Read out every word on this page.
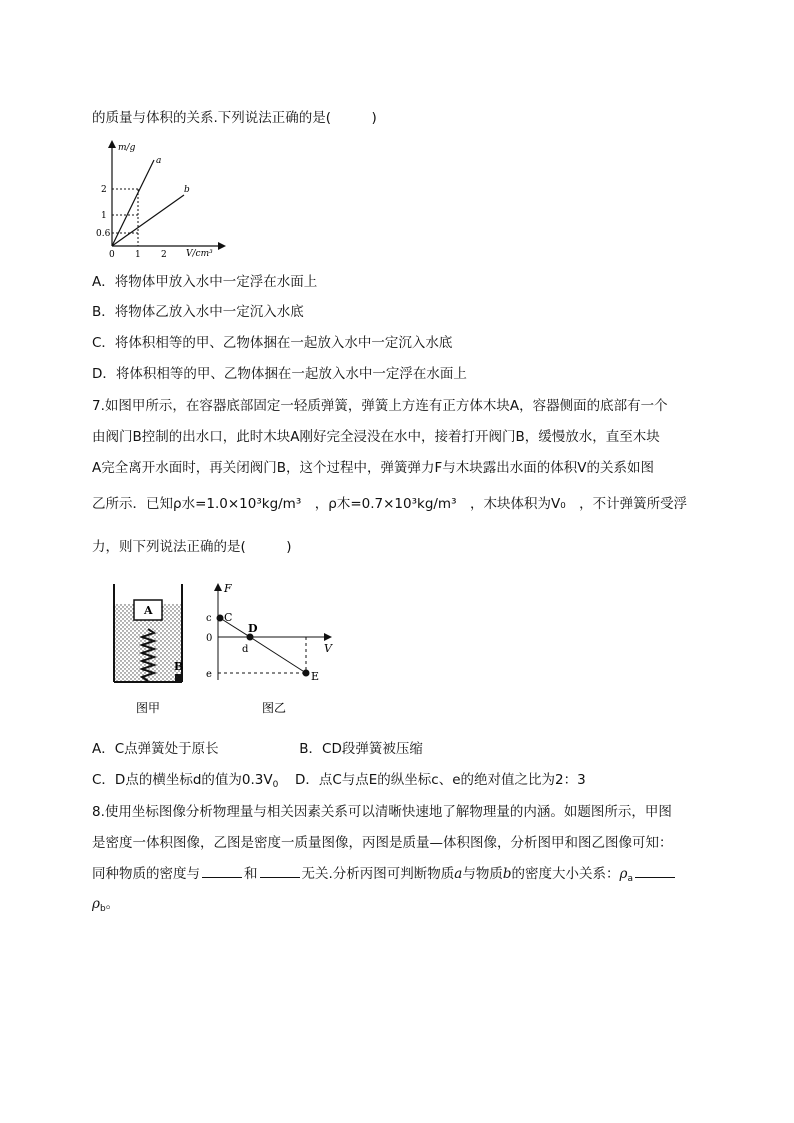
的质量与体积的关系.下列说法正确的是(　　　)
m/g
V/cm³
a
b
2
1
0.6
0 1 2
A．将物体甲放入水中一定浮在水面上
B．将物体乙放入水中一定沉入水底
C．将体积相等的甲、乙物体捆在一起放入水中一定沉入水底
D．将体积相等的甲、乙物体捆在一起放入水中一定浮在水面上
7.如图甲所示，在容器底部固定一轻质弹簧，弹簧上方连有正方体木块A，容器侧面的底部有一个
由阀门B控制的出水口，此时木块A刚好完全浸没在水中，接着打开阀门B，缓慢放水，直至木块
A完全离开水面时，再关闭阀门B，这个过程中，弹簧弹力F与木块露出水面的体积V的关系如图
乙所示．已知ρ水=1.0×10³kg/m³　，ρ木=0.7×10³kg/m³　，木块体积为V₀　，不计弹簧所受浮
力，则下列说法正确的是(　　　)
A
B
图甲
F
V
C
D
E
c
0
d
e
图乙
A．C点弹簧处于原长	B．CD段弹簧被压缩
C．D点的横坐标d的值为$0.3V_0$ D．点C与点E的纵坐标c、e的绝对值之比为2：3
8.使用坐标图像分析物理量与相关因素关系可以清晰快速地了解物理量的内涵。如题图所示，甲图
是密度一体积图像，乙图是密度一质量图像，丙图是质量—体积图像，分析图甲和图乙图像可知：
同种物质的密度与	和	无关.分析丙图可判断物质a与物质b的密度大小关系：$\rho_a$
$\rho_b$。
